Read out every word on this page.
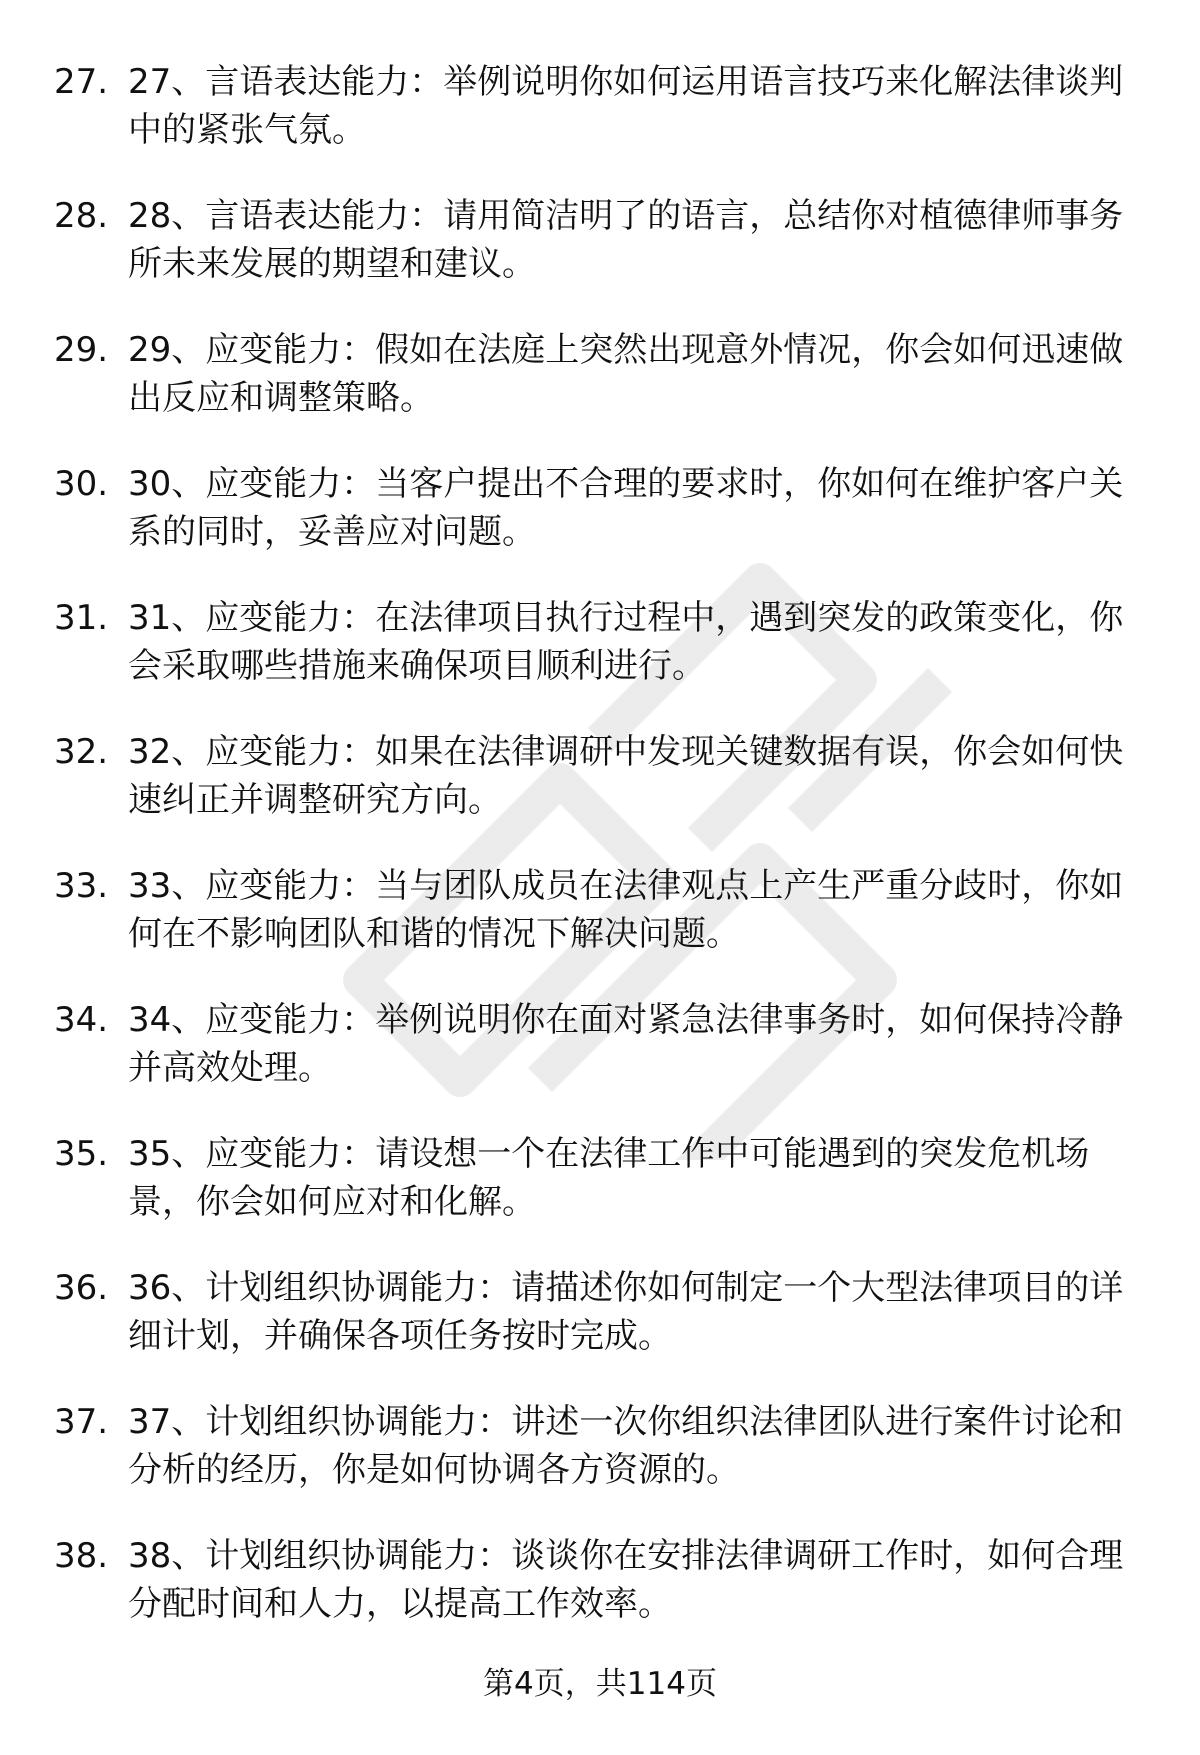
27. 27、言语表达能力：举例说明你如何运用语言技巧来化解法律谈判中的紧张气氛。
28. 28、言语表达能力：请用简洁明了的语言，总结你对植德律师事务所未来发展的期望和建议。
29. 29、应变能力：假如在法庭上突然出现意外情况，你会如何迅速做出反应和调整策略。
30. 30、应变能力：当客户提出不合理的要求时，你如何在维护客户关系的同时，妥善应对问题。
31. 31、应变能力：在法律项目执行过程中，遇到突发的政策变化，你会采取哪些措施来确保项目顺利进行。
32. 32、应变能力：如果在法律调研中发现关键数据有误，你会如何快速纠正并调整研究方向。
33. 33、应变能力：当与团队成员在法律观点上产生严重分歧时，你如何在不影响团队和谐的情况下解决问题。
34. 34、应变能力：举例说明你在面对紧急法律事务时，如何保持冷静并高效处理。
35. 35、应变能力：请设想一个在法律工作中可能遇到的突发危机场景，你会如何应对和化解。
36. 36、计划组织协调能力：请描述你如何制定一个大型法律项目的详细计划，并确保各项任务按时完成。
37. 37、计划组织协调能力：讲述一次你组织法律团队进行案件讨论和分析的经历，你是如何协调各方资源的。
38. 38、计划组织协调能力：谈谈你在安排法律调研工作时，如何合理分配时间和人力，以提高工作效率。
第4页，共114页
